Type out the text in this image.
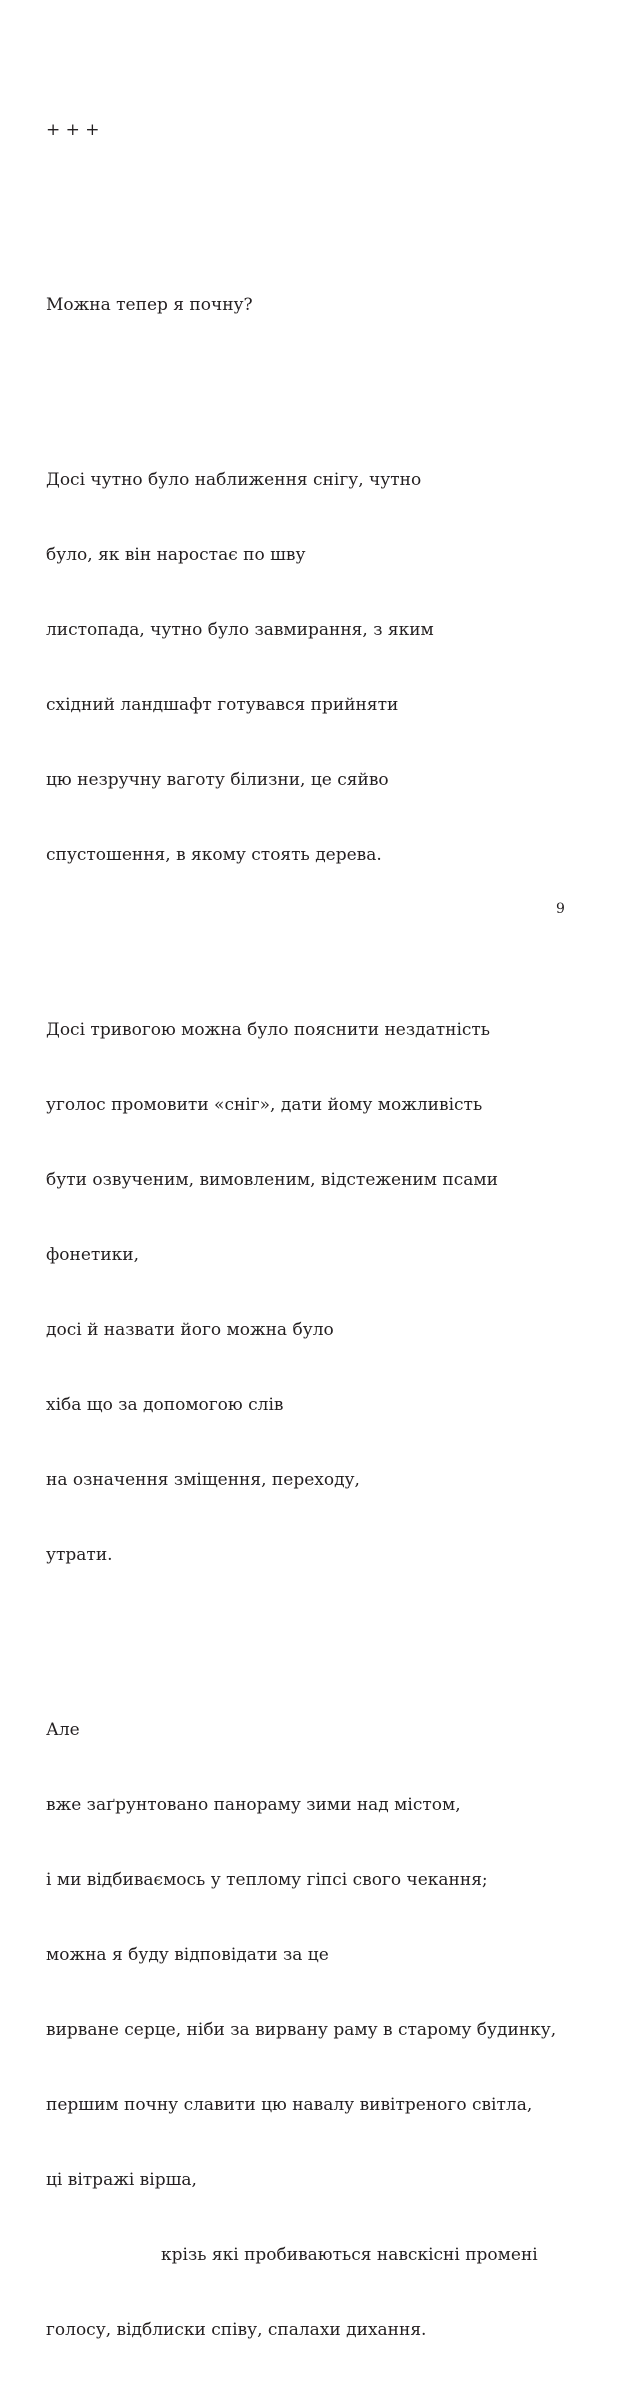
+ + +

Можна тепер я почну?

Досі чутно було наближення снігу, чутно

було, як він наростає по шву

листопада, чутно було завмирання, з яким

східний ландшафт готувався прийняти

цю незручну ваготу білизни, це сяйво

спустошення, в якому стоять дерева.

Досі тривогою можна було пояснити нездатність

уголос промовити «сніг», дати йому можливість

бути озвученим, вимовленим, відстеженим псами

фонетики,

досі й назвати його можна було

хіба що за допомогою слів

на означення зміщення, переходу,

утрати.

Але

вже заґрунтовано панораму зими над містом,

і ми відбиваємось у теплому гіпсі свого чекання;

можна я буду відповідати за це

вирване серце, ніби за вирвану раму в старому будинку,

першим почну славити цю навалу вивітреного світла,

ці вітражі вірша,

крізь які пробиваються навскісні промені

голосу, відблиски співу, спалахи дихання.

9
